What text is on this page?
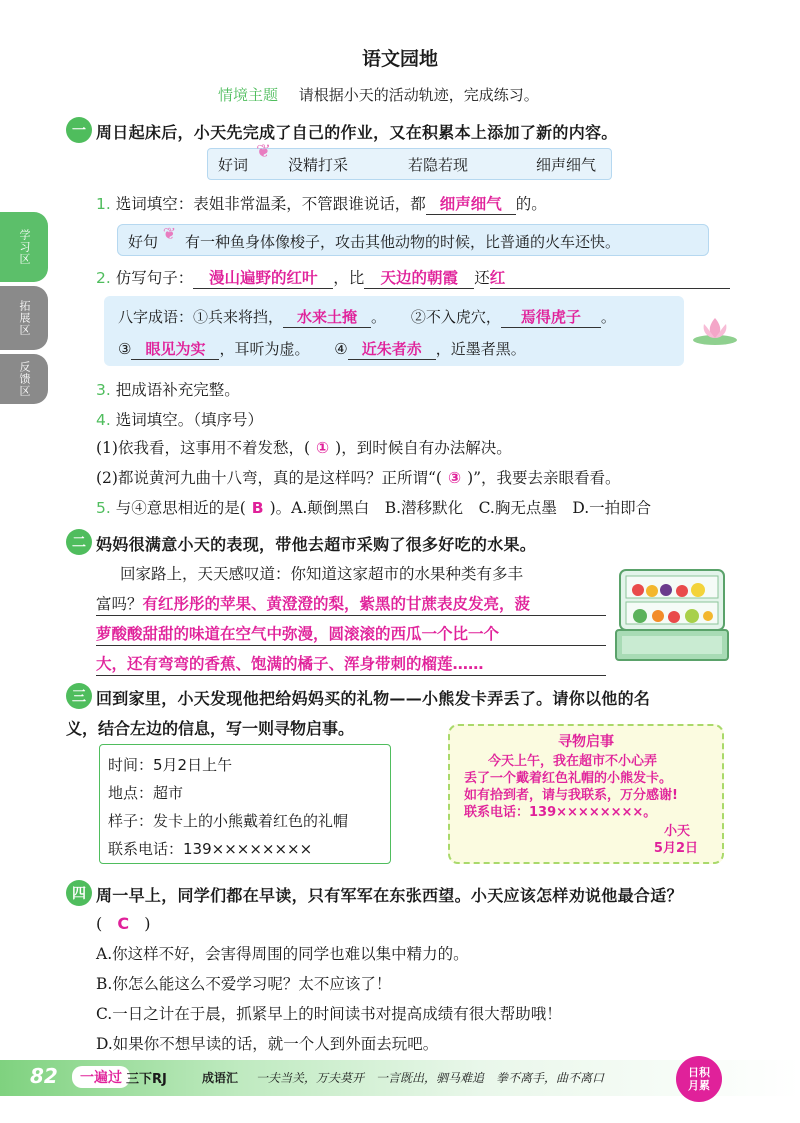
学习区
拓展区
反馈区
语文园地
情境主题 请根据小天的活动轨迹，完成练习。
一 周日起床后，小天先完成了自己的作业，又在积累本上添加了新的内容。
好词
❦
没精打采	若隐若现	细声细气
1. 选词填空：表姐非常温柔，不管跟谁说话，都 细声细气 的。
好句 ❦ 有一种鱼身体像梭子，攻击其他动物的时候，比普通的火车还快。
2. 仿写句子： 漫山遍野的红叶 ，比 天边的朝霞 还红
八字成语：①兵来将挡， 水来土掩 。 ②不入虎穴， 焉得虎子 。
③ 眼见为实 ，耳听为虚。 ④ 近朱者赤 ，近墨者黑。
3. 把成语补充完整。
4. 选词填空。（填序号）
(1)依我看，这事用不着发愁，( ① )，到时候自有办法解决。
(2)都说黄河九曲十八弯，真的是这样吗？正所谓“( ③ )”，我要去亲眼看看。
5. 与④意思相近的是( B )。A.颠倒黑白　B.潜移默化　C.胸无点墨　D.一拍即合
二 妈妈很满意小天的表现，带他去超市采购了很多好吃的水果。
回家路上，天天感叹道：你知道这家超市的水果种类有多丰
富吗？有红彤彤的苹果、黄澄澄的梨，紫黑的甘蔗表皮发亮，菠
萝酸酸甜甜的味道在空气中弥漫，圆滚滚的西瓜一个比一个
大，还有弯弯的香蕉、饱满的橘子、浑身带刺的榴莲……
三 回到家里，小天发现他把给妈妈买的礼物——小熊发卡弄丢了。请你以他的名
义，结合左边的信息，写一则寻物启事。
时间：5月2日上午
地点：超市
样子：发卡上的小熊戴着红色的礼帽
联系电话：139××××××××
寻物启事
今天上午，我在超市不小心弄
丢了一个戴着红色礼帽的小熊发卡。
如有拾到者，请与我联系，万分感谢!
联系电话：139××××××××。
小天
5月2日
四 周一早上，同学们都在早读，只有军军在东张西望。小天应该怎样劝说他最合适？
( C )
A.你这样不好，会害得周围的同学也难以集中精力的。
B.你怎么能这么不爱学习呢？太不应该了！
C.一日之计在于晨，抓紧早上的时间读书对提高成绩有很大帮助哦！
D.如果你不想早读的话，就一个人到外面去玩吧。
82	一遍过 三下RJ	成语汇 一夫当关，万夫莫开　一言既出，驷马难追　拳不离手，曲不离口	日积
月累
